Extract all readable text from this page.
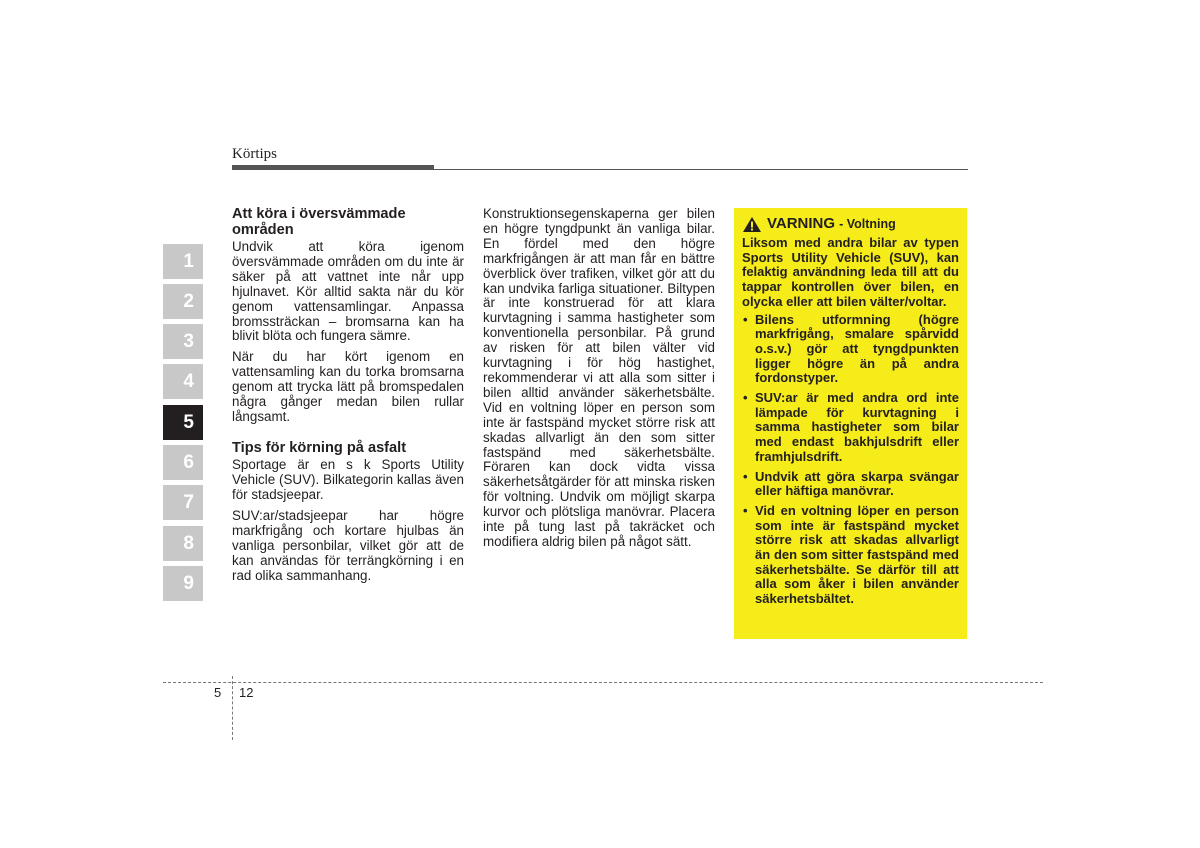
Körtips
1
2
3
4
5
6
7
8
9
Att köra i översvämmade områden

Undvik att köra igenom översvämmade områden om du inte är säker på att vattnet inte når upp hjulnavet. Kör alltid sakta när du kör genom vattensamlingar. Anpassa bromssträckan – bromsarna kan ha blivit blöta och fungera sämre.

När du har kört igenom en vattensamling kan du torka bromsarna genom att trycka lätt på bromspedalen några gånger medan bilen rullar långsamt.

Tips för körning på asfalt

Sportage är en s k Sports Utility Vehicle (SUV). Bilkategorin kallas även för stadsjeepar.

SUV:ar/stadsjeepar har högre markfrigång och kortare hjulbas än vanliga personbilar, vilket gör att de kan användas för terrängkörning i en rad olika sammanhang.

Konstruktionsegenskaperna ger bilen en högre tyngdpunkt än vanliga bilar. En fördel med den högre markfrigången är att man får en bättre överblick över trafiken, vilket gör att du kan undvika farliga situationer. Biltypen är inte konstruerad för att klara kurvtagning i samma hastigheter som konventionella personbilar. På grund av risken för att bilen välter vid kurvtagning i för hög hastighet, rekommenderar vi att alla som sitter i bilen alltid använder säkerhetsbälte. Vid en voltning löper en person som inte är fastspänd mycket större risk att skadas allvarligt än den som sitter fastspänd med säkerhetsbälte. Föraren kan dock vidta vissa säkerhetsåtgärder för att minska risken för voltning. Undvik om möjligt skarpa kurvor och plötsliga manövrar. Placera inte på tung last på takräcket och modifiera aldrig bilen på något sätt.

VARNING - Voltning

Liksom med andra bilar av typen Sports Utility Vehicle (SUV), kan felaktig användning leda till att du tappar kontrollen över bilen, en olycka eller att bilen välter/voltar.

• Bilens utformning (högre markfrigång, smalare spårvidd o.s.v.) gör att tyngdpunkten ligger högre än på andra fordonstyper.
• SUV:ar är med andra ord inte lämpade för kurvtagning i samma hastigheter som bilar med endast bakhjulsdrift eller framhjulsdrift.
• Undvik att göra skarpa svängar eller häftiga manövrar.
• Vid en voltning löper en person som inte är fastspänd mycket större risk att skadas allvarligt än den som sitter fastspänd med säkerhetsbälte. Se därför till att alla som åker i bilen använder säkerhetsbältet.
5 12
